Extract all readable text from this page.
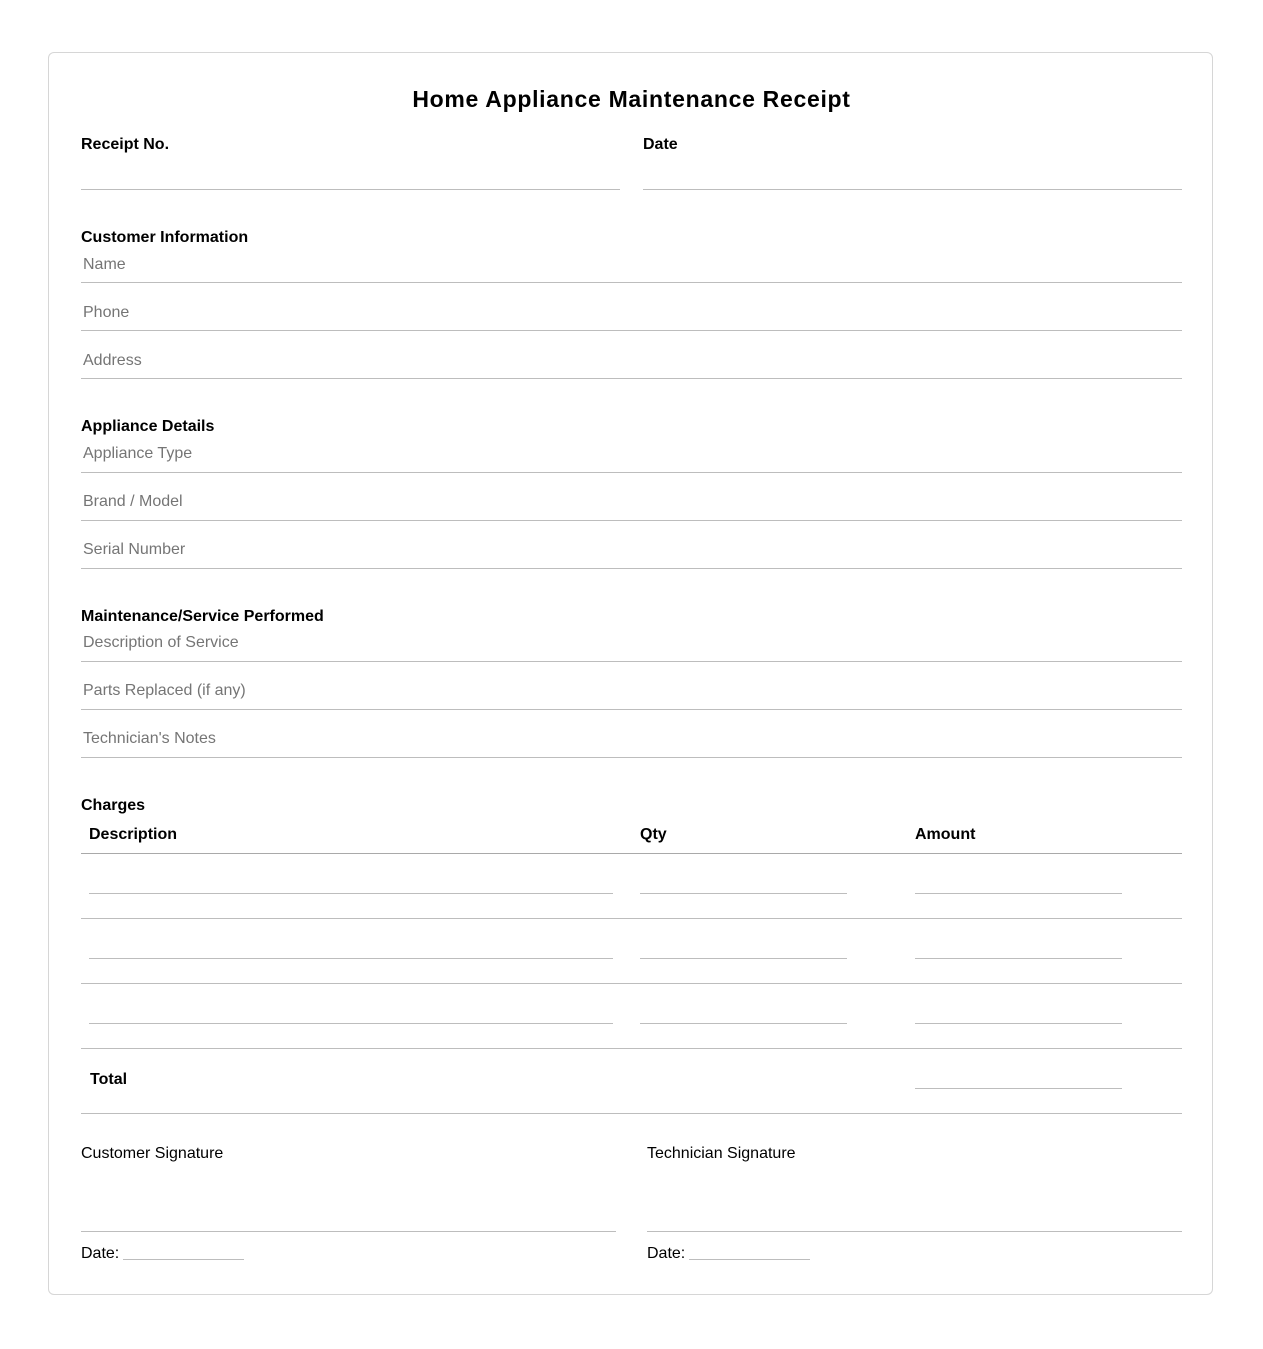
Home Appliance Maintenance Receipt
Receipt No.	Date
Customer Information
Name
Phone
Address
Appliance Details
Appliance Type
Brand / Model
Serial Number
Maintenance/Service Performed
Description of Service
Parts Replaced (if any)
Technician's Notes
Charges
Description	Qty	Amount
Total
Customer Signature
Date:
Technician Signature
Date:
